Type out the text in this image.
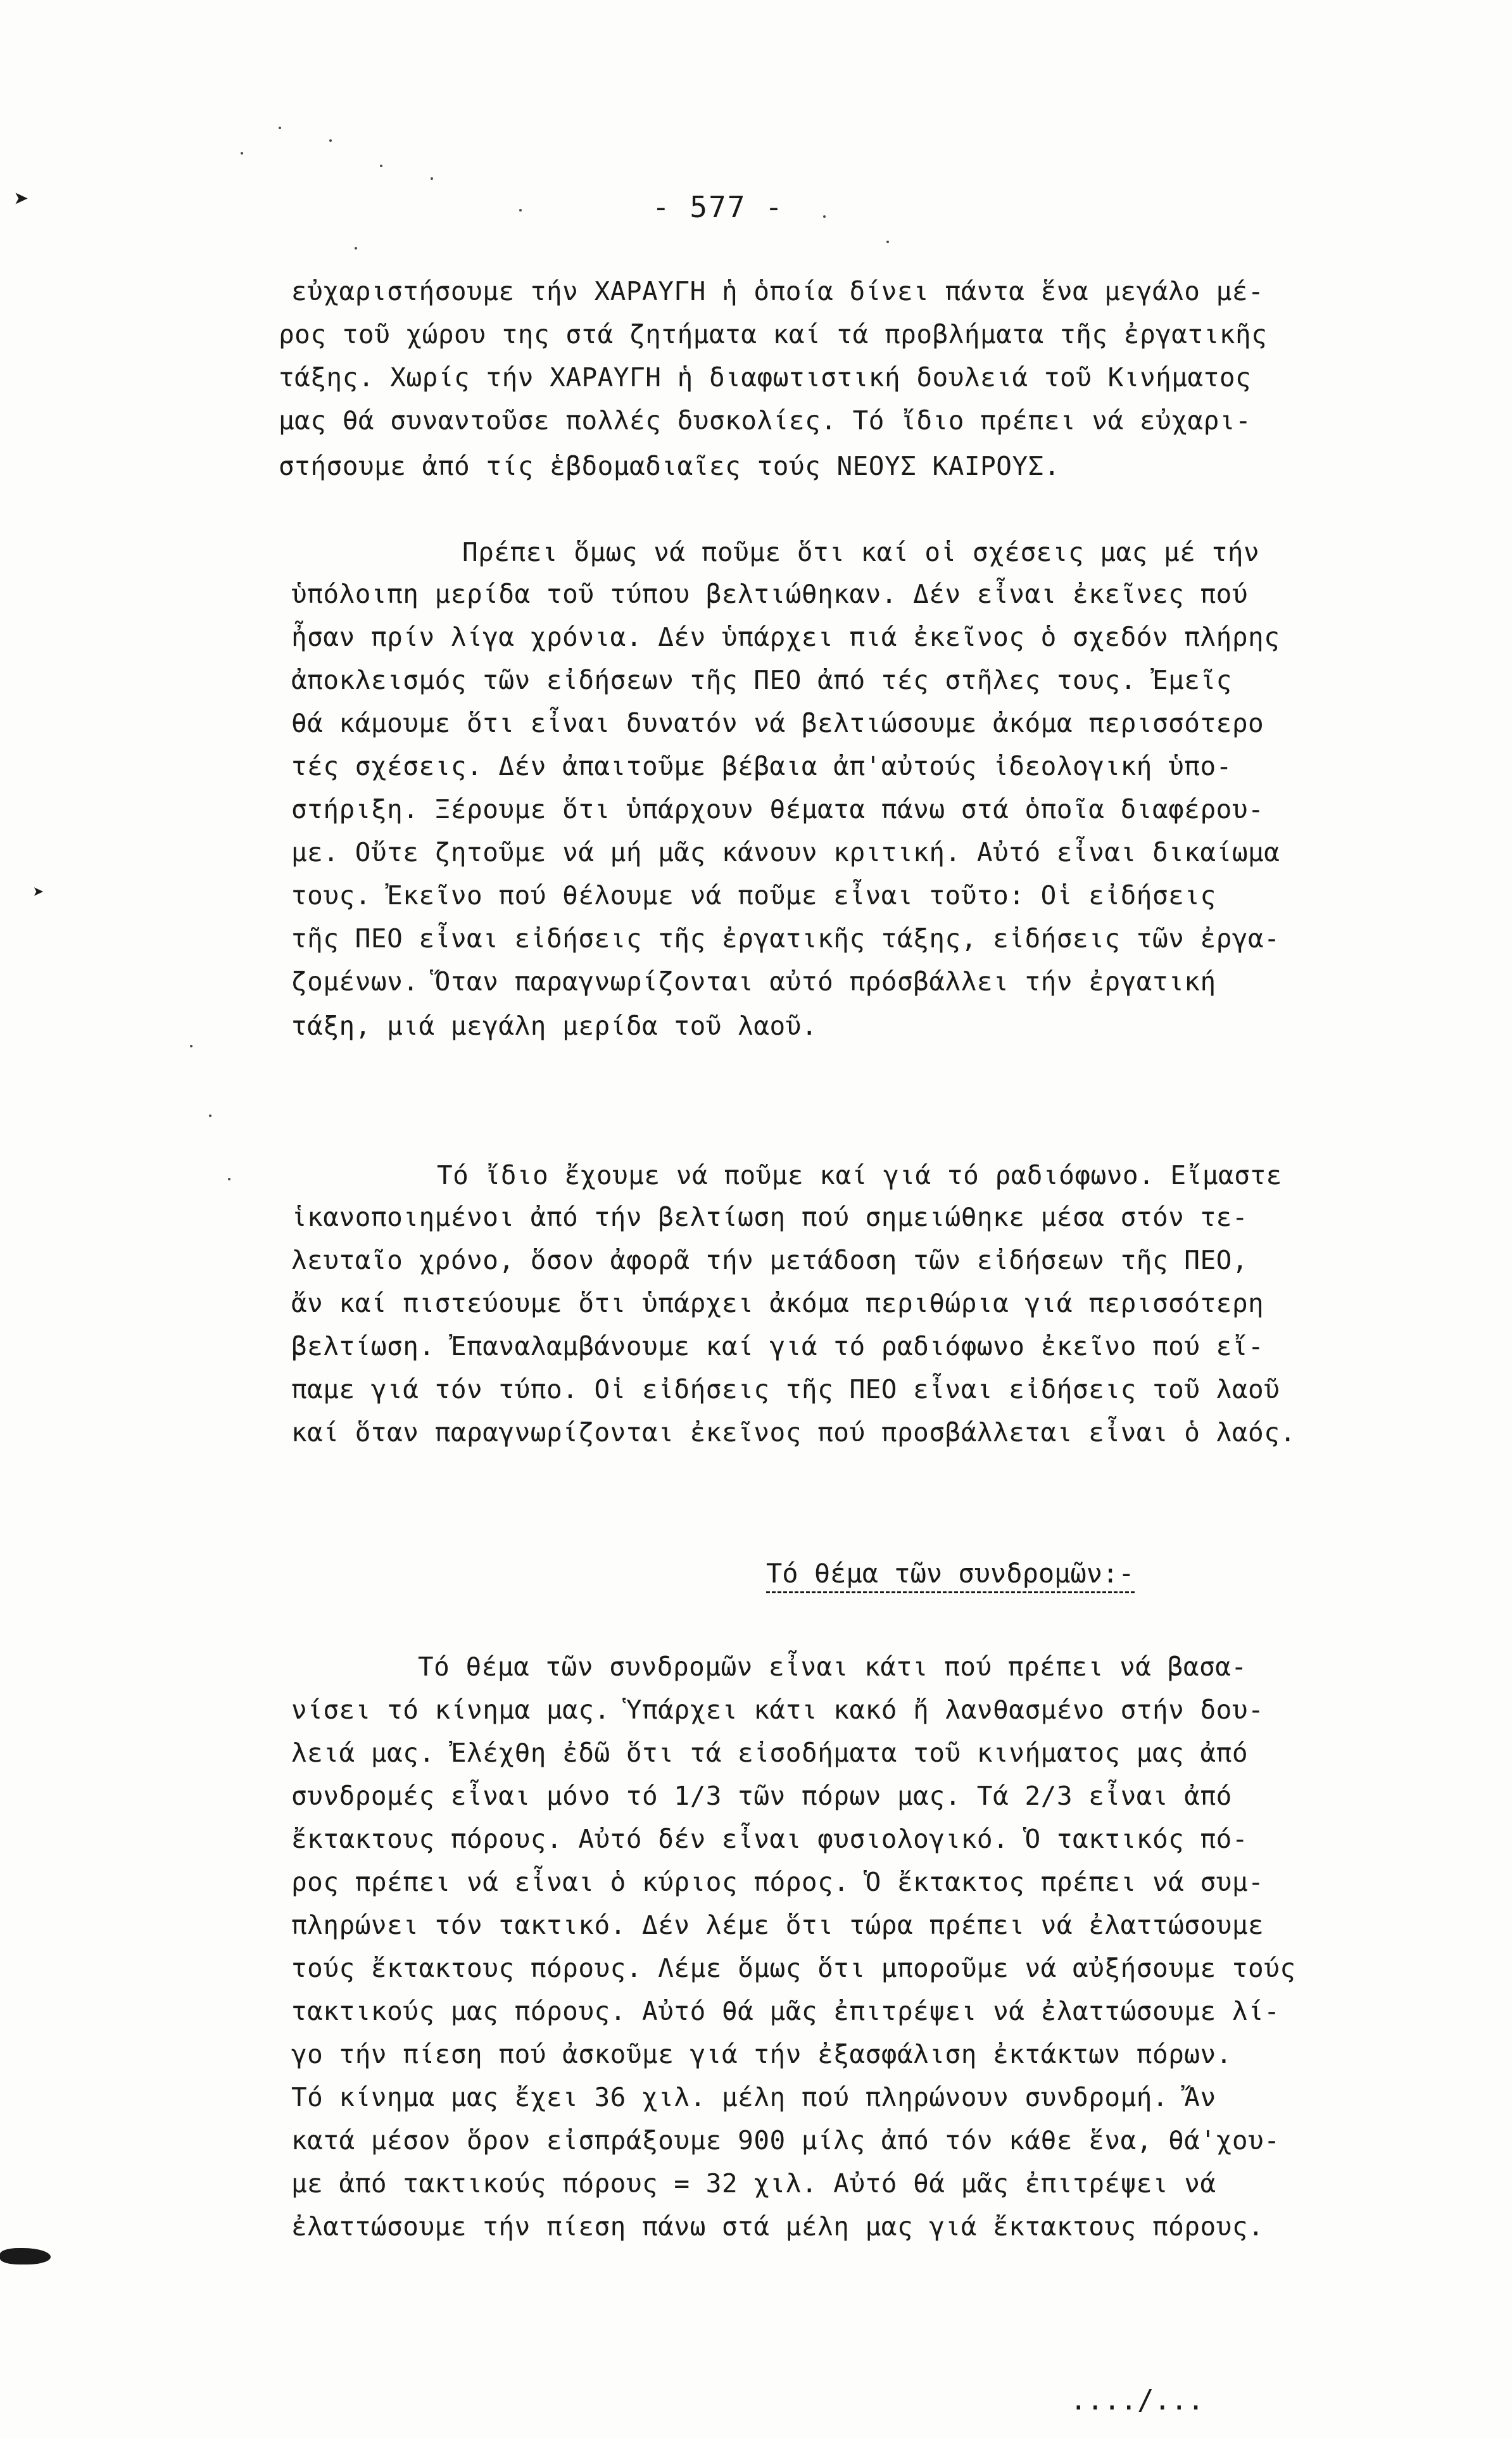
➤
➤
- 577 -
εὐχαριστήσουμε τήν ΧΑΡΑΥΓΗ ἡ ὁποία δίνει πάντα ἕνα μεγάλο μέ-
ρος τοῦ χώρου της στά ζητήματα καί τά προβλήματα τῆς ἐργατικῆς
τάξης. Χωρίς τήν ΧΑΡΑΥΓΗ ἡ διαφωτιστική δουλειά τοῦ Κινήματος
μας θά συναντοῦσε πολλές δυσκολίες. Τό ἴδιο πρέπει νά εὐχαρι-
στήσουμε ἀπό τίς ἑβδομαδιαῖες τούς ΝΕΟΥΣ ΚΑΙΡΟΥΣ.
Πρέπει ὅμως νά ποῦμε ὅτι καί οἱ σχέσεις μας μέ τήν
ὑπόλοιπη μερίδα τοῦ τύπου βελτιώθηκαν. Δέν εἶναι ἐκεῖνες πού
ἦσαν πρίν λίγα χρόνια. Δέν ὑπάρχει πιά ἐκεῖνος ὁ σχεδόν πλήρης
ἀποκλεισμός τῶν εἰδήσεων τῆς ΠΕΟ ἀπό τές στῆλες τους. Ἐμεῖς
θά κάμουμε ὅτι εἶναι δυνατόν νά βελτιώσουμε ἀκόμα περισσότερο
τές σχέσεις. Δέν ἀπαιτοῦμε βέβαια ἀπ'αὐτούς ἰδεολογική ὑπο-
στήριξη. Ξέρουμε ὅτι ὑπάρχουν θέματα πάνω στά ὁποῖα διαφέρου-
με. Οὔτε ζητοῦμε νά μή μᾶς κάνουν κριτική. Αὐτό εἶναι δικαίωμα
τους. Ἐκεῖνο πού θέλουμε νά ποῦμε εἶναι τοῦτο: Οἱ εἰδήσεις
τῆς ΠΕΟ εἶναι εἰδήσεις τῆς ἐργατικῆς τάξης, εἰδήσεις τῶν ἐργα-
ζομένων. Ὅταν παραγνωρίζονται αὐτό πρόσβάλλει τήν ἐργατική
τάξη, μιά μεγάλη μερίδα τοῦ λαοῦ.
Τό ἴδιο ἔχουμε νά ποῦμε καί γιά τό ραδιόφωνο. Εἴμαστε
ἱκανοποιημένοι ἀπό τήν βελτίωση πού σημειώθηκε μέσα στόν τε-
λευταῖο χρόνο, ὅσον ἀφορᾶ τήν μετάδοση τῶν εἰδήσεων τῆς ΠΕΟ,
ἄν καί πιστεύουμε ὅτι ὑπάρχει ἀκόμα περιθώρια γιά περισσότερη
βελτίωση. Ἐπαναλαμβάνουμε καί γιά τό ραδιόφωνο ἐκεῖνο πού εἴ-
παμε γιά τόν τύπο. Οἱ εἰδήσεις τῆς ΠΕΟ εἶναι εἰδήσεις τοῦ λαοῦ
καί ὅταν παραγνωρίζονται ἐκεῖνος πού προσβάλλεται εἶναι ὁ λαός.
Τό θέμα τῶν συνδρομῶν:-
Τό θέμα τῶν συνδρομῶν εἶναι κάτι πού πρέπει νά βασα-
νίσει τό κίνημα μας. Ὑπάρχει κάτι κακό ἤ λανθασμένο στήν δου-
λειά μας. Ἐλέχθη ἐδῶ ὅτι τά εἰσοδήματα τοῦ κινήματος μας ἀπό
συνδρομές εἶναι μόνο τό 1/3 τῶν πόρων μας. Τά 2/3 εἶναι ἀπό
ἔκτακτους πόρους. Αὐτό δέν εἶναι φυσιολογικό. Ὁ τακτικός πό-
ρος πρέπει νά εἶναι ὁ κύριος πόρος. Ὁ ἔκτακτος πρέπει νά συμ-
πληρώνει τόν τακτικό. Δέν λέμε ὅτι τώρα πρέπει νά ἐλαττώσουμε
τούς ἔκτακτους πόρους. Λέμε ὅμως ὅτι μποροῦμε νά αὐξήσουμε τούς
τακτικούς μας πόρους. Αὐτό θά μᾶς ἐπιτρέψει νά ἐλαττώσουμε λί-
γο τήν πίεση πού ἀσκοῦμε γιά τήν ἐξασφάλιση ἐκτάκτων πόρων.
Τό κίνημα μας ἔχει 36 χιλ. μέλη πού πληρώνουν συνδρομή. Ἄν
κατά μέσον ὅρον εἰσπράξουμε 900 μίλς ἀπό τόν κάθε ἕνα, θά'χου-
με ἀπό τακτικούς πόρους = 32 χιλ. Αὐτό θά μᾶς ἐπιτρέψει νά
ἐλαττώσουμε τήν πίεση πάνω στά μέλη μας γιά ἔκτακτους πόρους.
..../...
